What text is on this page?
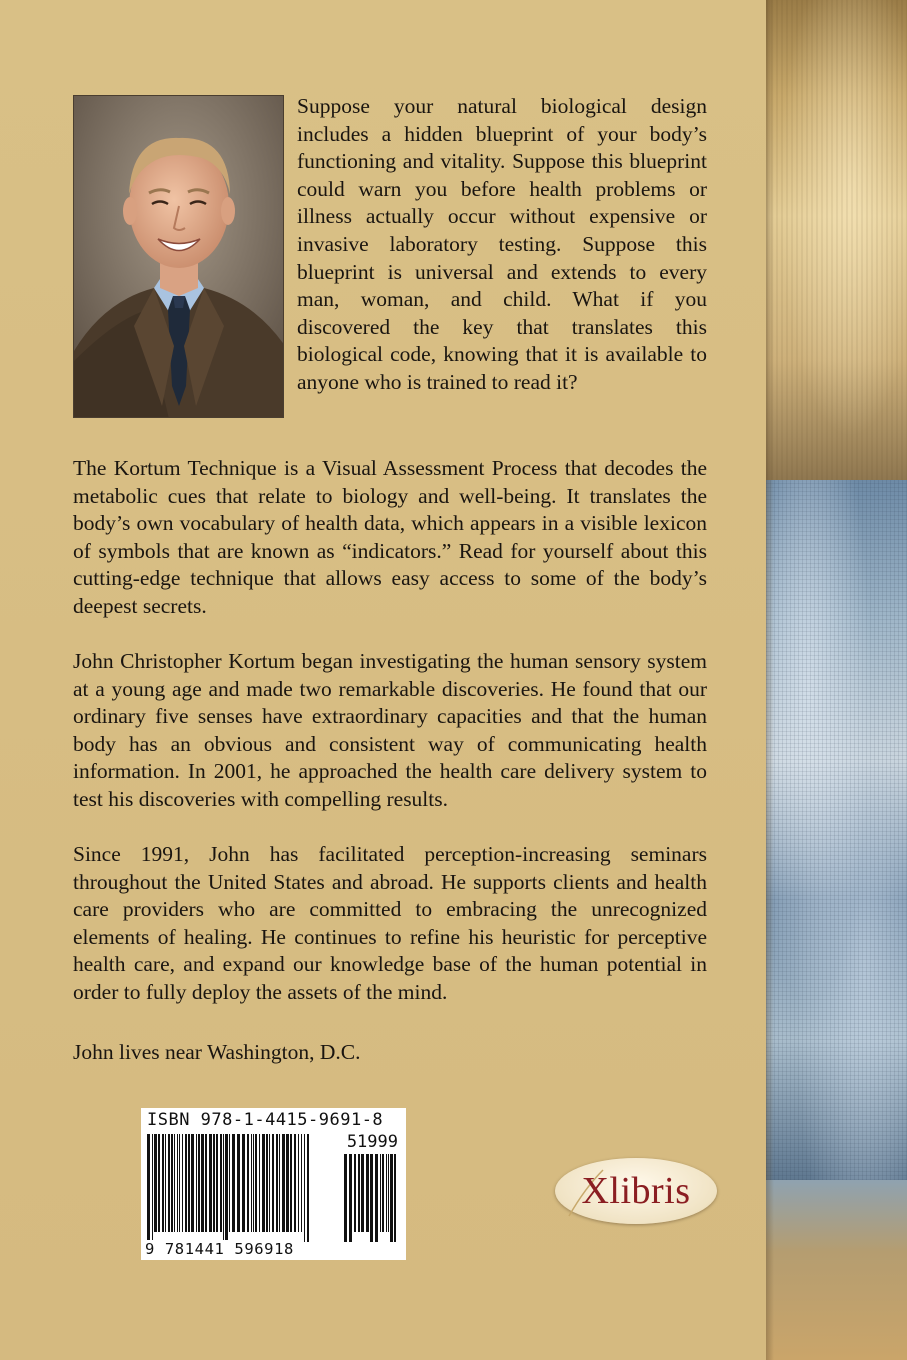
Suppose your natural biological design includes a hidden blueprint of your body’s functioning and vitality. Suppose this blueprint could warn you before health problems or illness actually occur without expensive or invasive laboratory testing. Suppose this blueprint is universal and extends to every man, woman, and child. What if you discovered the key that translates this biological code, knowing that it is available to anyone who is trained to read it?

The Kortum Technique is a Visual Assessment Process that decodes the metabolic cues that relate to biology and well-being. It translates the body’s own vocabulary of health data, which appears in a visible lexicon of symbols that are known as “indicators.” Read for yourself about this cutting-edge technique that allows easy access to some of the body’s deepest secrets.

John Christopher Kortum began investigating the human sensory system at a young age and made two remarkable discoveries. He found that our ordinary five senses have extraordinary capacities and that the human body has an obvious and consistent way of communicating health information. In 2001, he approached the health care delivery system to test his discoveries with compelling results.

Since 1991, John has facilitated perception-increasing seminars throughout the United States and abroad. He supports clients and health care providers who are committed to embracing the unrecognized elements of healing. He continues to refine his heuristic for perceptive health care, and expand our knowledge base of the human potential in order to fully deploy the assets of the mind.

John lives near Washington, D.C.

ISBN 978-1-4415-9691-8
51999
9 781441 596918
Xlibris
